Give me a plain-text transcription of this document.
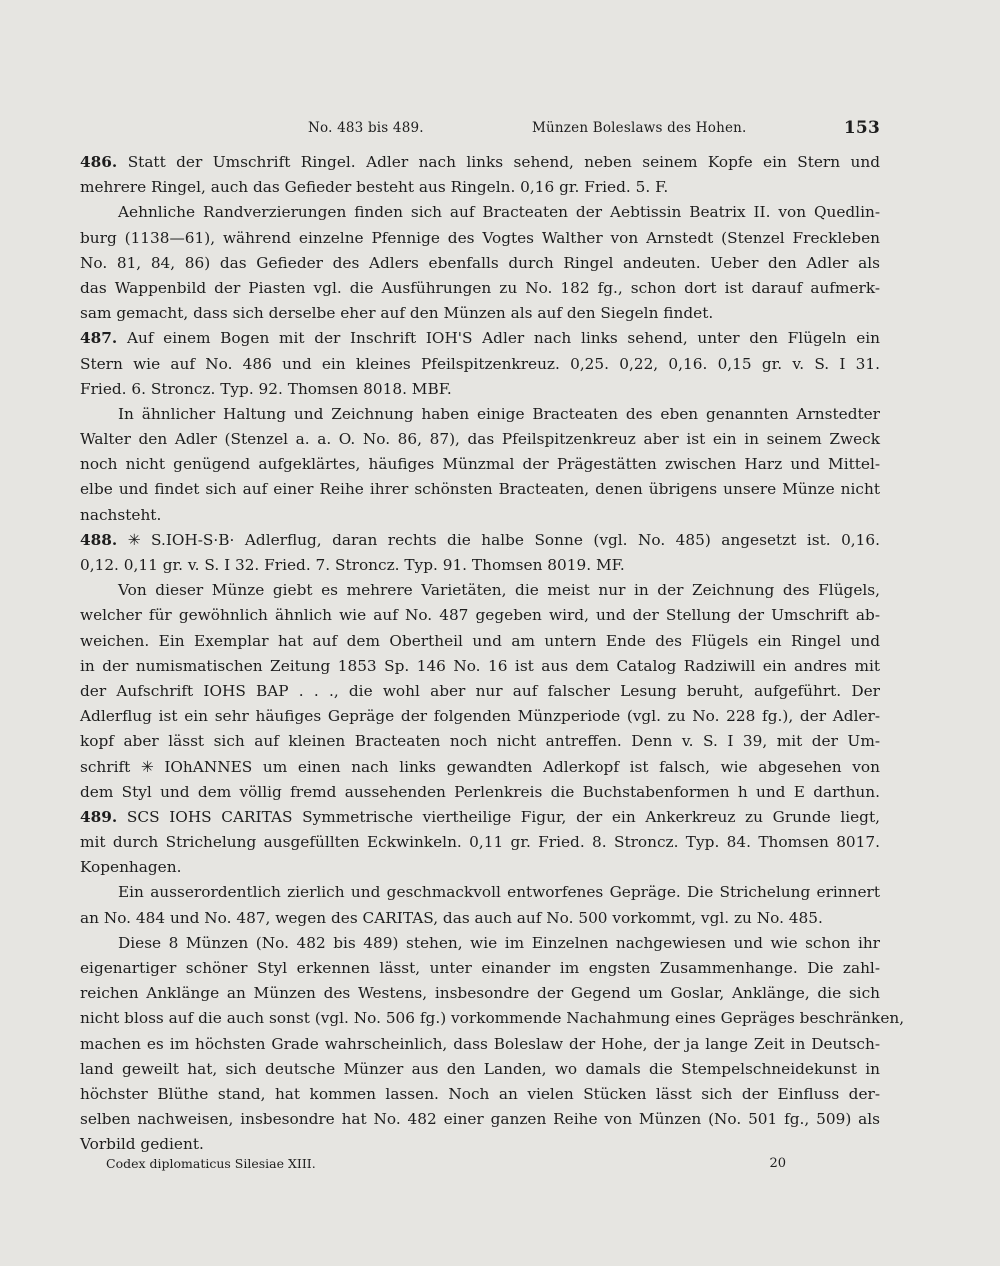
No. 483 bis 489.	Münzen Boleslaws des Hohen.	153
486. Statt der Umschrift Ringel. Adler nach links sehend, neben seinem Kopfe ein Stern und
mehrere Ringel, auch das Gefieder besteht aus Ringeln. 0,16 gr. Fried. 5. F.
Aehnliche Randverzierungen finden sich auf Bracteaten der Aebtissin Beatrix II. von Quedlin-
burg (1138—61), während einzelne Pfennige des Vogtes Walther von Arnstedt (Stenzel Freckleben
No. 81, 84, 86) das Gefieder des Adlers ebenfalls durch Ringel andeuten. Ueber den Adler als
das Wappenbild der Piasten vgl. die Ausführungen zu No. 182 fg., schon dort ist darauf aufmerk-
sam gemacht, dass sich derselbe eher auf den Münzen als auf den Siegeln findet.
487. Auf einem Bogen mit der Inschrift IOH'S Adler nach links sehend, unter den Flügeln ein
Stern wie auf No. 486 und ein kleines Pfeilspitzenkreuz. 0,25. 0,22, 0,16. 0,15 gr. v. S. I 31.
Fried. 6. Stroncz. Typ. 92. Thomsen 8018. MBF.
In ähnlicher Haltung und Zeichnung haben einige Bracteaten des eben genannten Arnstedter
Walter den Adler (Stenzel a. a. O. No. 86, 87), das Pfeilspitzenkreuz aber ist ein in seinem Zweck
noch nicht genügend aufgeklärtes, häufiges Münzmal der Prägestätten zwischen Harz und Mittel-
elbe und findet sich auf einer Reihe ihrer schönsten Bracteaten, denen übrigens unsere Münze nicht
nachsteht.
488. ✳ S.IOH-S·B· Adlerflug, daran rechts die halbe Sonne (vgl. No. 485) angesetzt ist. 0,16.
0,12. 0,11 gr. v. S. I 32. Fried. 7. Stroncz. Typ. 91. Thomsen 8019. MF.
Von dieser Münze giebt es mehrere Varietäten, die meist nur in der Zeichnung des Flügels,
welcher für gewöhnlich ähnlich wie auf No. 487 gegeben wird, und der Stellung der Umschrift ab-
weichen. Ein Exemplar hat auf dem Obertheil und am untern Ende des Flügels ein Ringel und
in der numismatischen Zeitung 1853 Sp. 146 No. 16 ist aus dem Catalog Radziwill ein andres mit
der Aufschrift IOHS BAP . . ., die wohl aber nur auf falscher Lesung beruht, aufgeführt. Der
Adlerflug ist ein sehr häufiges Gepräge der folgenden Münzperiode (vgl. zu No. 228 fg.), der Adler-
kopf aber lässt sich auf kleinen Bracteaten noch nicht antreffen. Denn v. S. I 39, mit der Um-
schrift ✳ IOhANNES um einen nach links gewandten Adlerkopf ist falsch, wie abgesehen von
dem Styl und dem völlig fremd aussehenden Perlenkreis die Buchstabenformen h und E darthun.
489. SCS IOHS CARITAS Symmetrische viertheilige Figur, der ein Ankerkreuz zu Grunde liegt,
mit durch Strichelung ausgefüllten Eckwinkeln. 0,11 gr. Fried. 8. Stroncz. Typ. 84. Thomsen 8017.
Kopenhagen.
Ein ausserordentlich zierlich und geschmackvoll entworfenes Gepräge. Die Strichelung erinnert
an No. 484 und No. 487, wegen des CARITAS, das auch auf No. 500 vorkommt, vgl. zu No. 485.
Diese 8 Münzen (No. 482 bis 489) stehen, wie im Einzelnen nachgewiesen und wie schon ihr
eigenartiger schöner Styl erkennen lässt, unter einander im engsten Zusammenhange. Die zahl-
reichen Anklänge an Münzen des Westens, insbesondre der Gegend um Goslar, Anklänge, die sich
nicht bloss auf die auch sonst (vgl. No. 506 fg.) vorkommende Nachahmung eines Gepräges beschränken,
machen es im höchsten Grade wahrscheinlich, dass Boleslaw der Hohe, der ja lange Zeit in Deutsch-
land geweilt hat, sich deutsche Münzer aus den Landen, wo damals die Stempelschneidekunst in
höchster Blüthe stand, hat kommen lassen. Noch an vielen Stücken lässt sich der Einfluss der-
selben nachweisen, insbesondre hat No. 482 einer ganzen Reihe von Münzen (No. 501 fg., 509) als
Vorbild gedient.
Codex diplomaticus Silesiae XIII.	20
